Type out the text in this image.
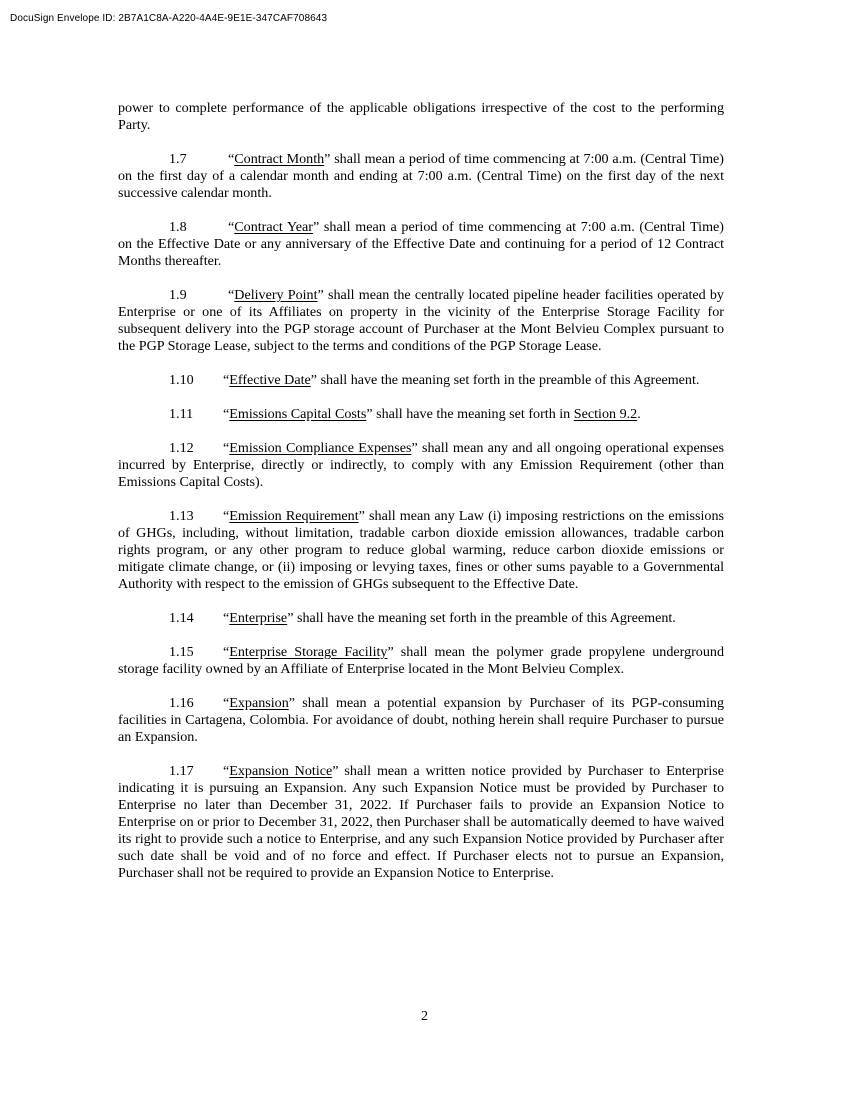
DocuSign Envelope ID: 2B7A1C8A-A220-4A4E-9E1E-347CAF708643

power to complete performance of the applicable obligations irrespective of the cost to the performing Party.

1.7	“Contract Month” shall mean a period of time commencing at 7:00 a.m. (Central Time) on the first day of a calendar month and ending at 7:00 a.m. (Central Time) on the first day of the next successive calendar month.

1.8	“Contract Year” shall mean a period of time commencing at 7:00 a.m. (Central Time) on the Effective Date or any anniversary of the Effective Date and continuing for a period of 12 Contract Months thereafter.

1.9	“Delivery Point” shall mean the centrally located pipeline header facilities operated by Enterprise or one of its Affiliates on property in the vicinity of the Enterprise Storage Facility for subsequent delivery into the PGP storage account of Purchaser at the Mont Belvieu Complex pursuant to the PGP Storage Lease, subject to the terms and conditions of the PGP Storage Lease.

1.10 “Effective Date” shall have the meaning set forth in the preamble of this Agreement.

1.11 “Emissions Capital Costs” shall have the meaning set forth in Section 9.2.

1.12 “Emission Compliance Expenses” shall mean any and all ongoing operational expenses incurred by Enterprise, directly or indirectly, to comply with any Emission Requirement (other than Emissions Capital Costs).

1.13 “Emission Requirement” shall mean any Law (i) imposing restrictions on the emissions of GHGs, including, without limitation, tradable carbon dioxide emission allowances, tradable carbon rights program, or any other program to reduce global warming, reduce carbon dioxide emissions or mitigate climate change, or (ii) imposing or levying taxes, fines or other sums payable to a Governmental Authority with respect to the emission of GHGs subsequent to the Effective Date.

1.14 “Enterprise” shall have the meaning set forth in the preamble of this Agreement.

1.15 “Enterprise Storage Facility” shall mean the polymer grade propylene underground storage facility owned by an Affiliate of Enterprise located in the Mont Belvieu Complex.

1.16 “Expansion” shall mean a potential expansion by Purchaser of its PGP-consuming facilities in Cartagena, Colombia. For avoidance of doubt, nothing herein shall require Purchaser to pursue an Expansion.

1.17 “Expansion Notice” shall mean a written notice provided by Purchaser to Enterprise indicating it is pursuing an Expansion. Any such Expansion Notice must be provided by Purchaser to Enterprise no later than December 31, 2022. If Purchaser fails to provide an Expansion Notice to Enterprise on or prior to December 31, 2022, then Purchaser shall be automatically deemed to have waived its right to provide such a notice to Enterprise, and any such Expansion Notice provided by Purchaser after such date shall be void and of no force and effect. If Purchaser elects not to pursue an Expansion, Purchaser shall not be required to provide an Expansion Notice to Enterprise.

2
